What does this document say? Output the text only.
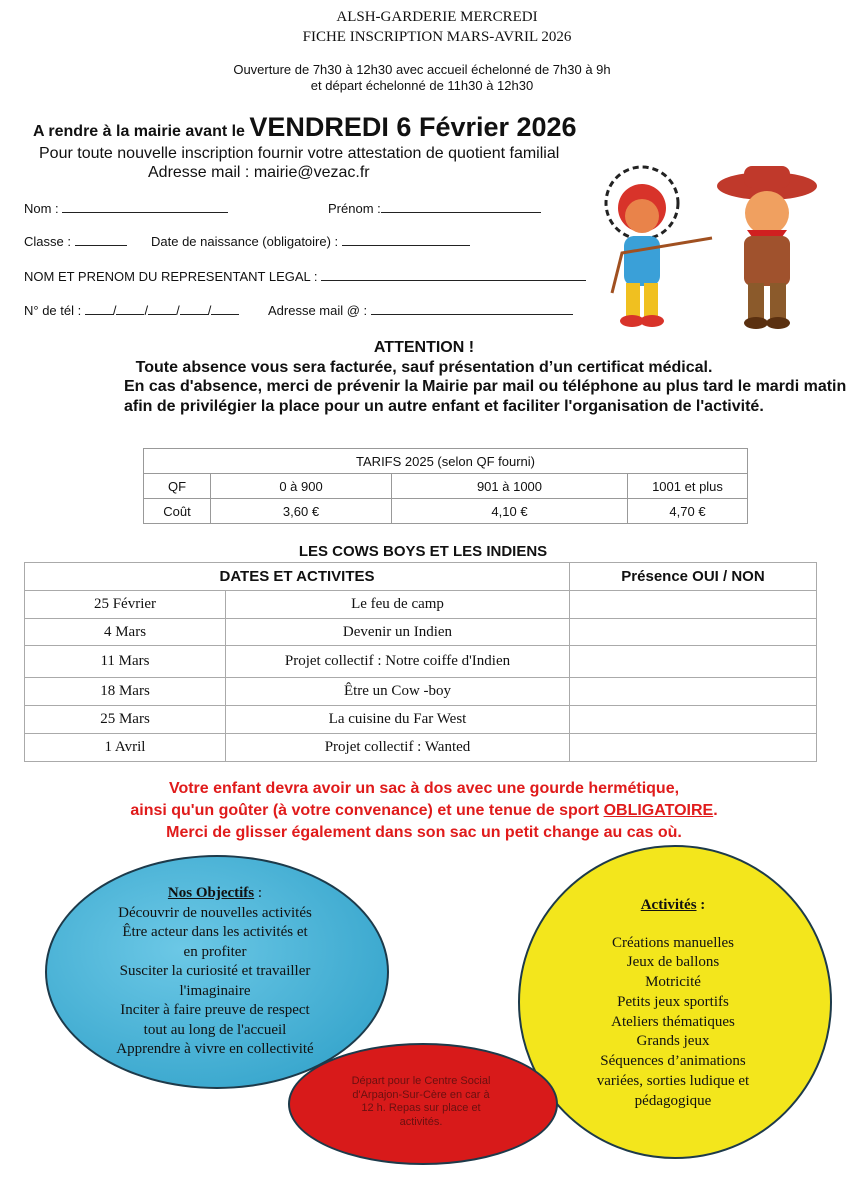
ALSH-GARDERIE MERCREDI
FICHE INSCRIPTION MARS-AVRIL 2026
Ouverture de 7h30 à 12h30 avec accueil échelonné de 7h30 à 9h
et départ échelonné de 11h30 à 12h30
A rendre à la mairie avant le VENDREDI 6 Février 2026
Pour toute nouvelle inscription fournir votre attestation de quotient familial
Adresse mail : mairie@vezac.fr
Nom :	Prénom :
Classe :	Date de naissance (obligatoire) :
NOM ET PRENOM DU REPRESENTANT LEGAL :
N° de tél : / / / /	Adresse mail @ :
ATTENTION !
Toute absence vous sera facturée, sauf présentation d’un certificat médical.
En cas d'absence, merci de prévenir la Mairie par mail ou téléphone au plus tard le mardi matin
afin de privilégier la place pour un autre enfant et faciliter l'organisation de l'activité.
TARIFS 2025 (selon QF fourni)			
QF	0 à 900	901 à 1000	1001 et plus
Coût	3,60 €	4,10 €	4,70 €
LES COWS BOYS ET LES INDIENS
DATES ET ACTIVITES		Présence OUI / NON
25 Février	Le feu de camp	
4 Mars	Devenir un Indien	
11 Mars	Projet collectif : Notre coiffe d'Indien	
18 Mars	Être un Cow -boy	
25 Mars	La cuisine du Far West	
1 Avril	Projet collectif : Wanted	
Votre enfant devra avoir un sac à dos avec une gourde hermétique,
ainsi qu'un goûter (à votre convenance) et une tenue de sport OBLIGATOIRE.
Merci de glisser également dans son sac un petit change au cas où.
Nos Objectifs :
Découvrir de nouvelles activités
Être acteur dans les activités et
en profiter
Susciter la curiosité et travailler
l'imaginaire
Inciter à faire preuve de respect
tout au long de l'accueil
Apprendre à vivre en collectivité
Activités :
Créations manuelles
Jeux de ballons
Motricité
Petits jeux sportifs
Ateliers thématiques
Grands jeux
Séquences d’animations
variées, sorties ludique et
pédagogique
Départ pour le Centre Social
d'Arpajon-Sur-Cère en car à
12 h. Repas sur place et
activités.
